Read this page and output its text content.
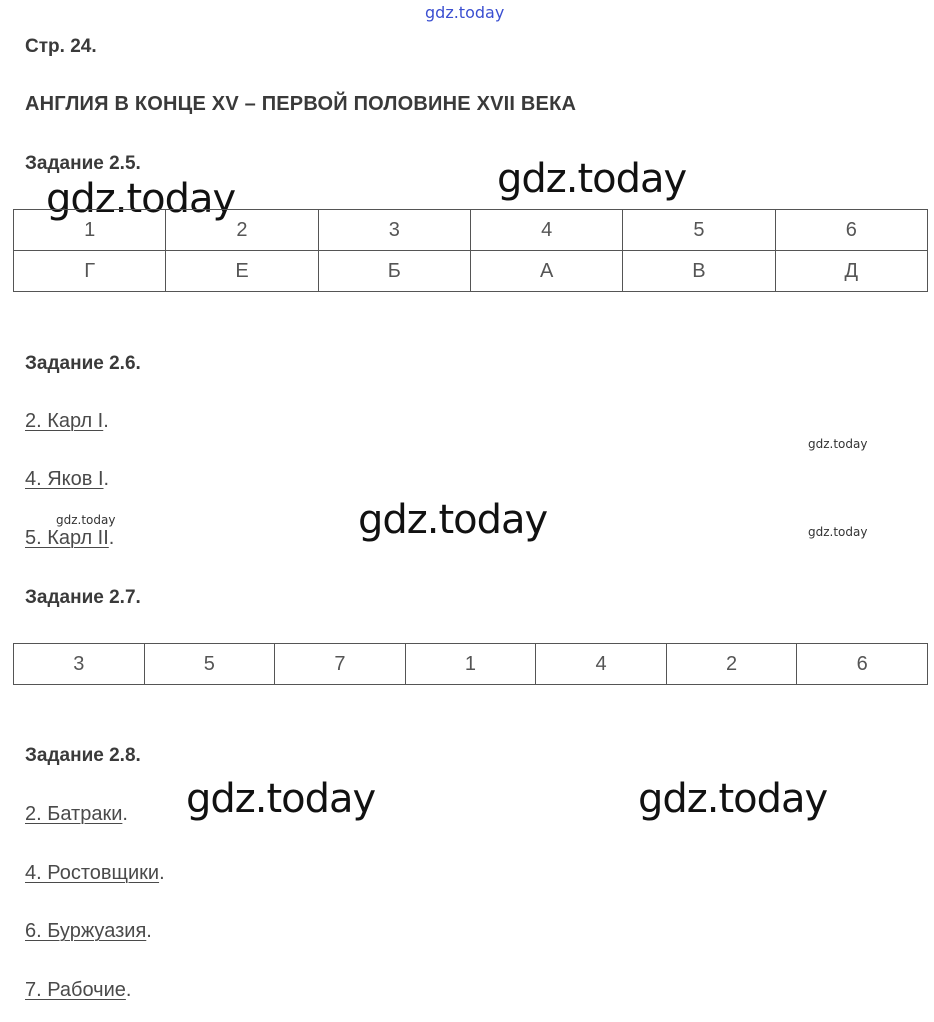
gdz.today
gdz.today	gdz.today
gdz.today
gdz.today	gdz.today	gdz.today
gdz.today	gdz.today
Стр. 24.
АНГЛИЯ В КОНЦЕ XV – ПЕРВОЙ ПОЛОВИНЕ XVII ВЕКА
Задание 2.5.
1	2	3	4	5	6
Г	Е	Б	А	В	Д
Задание 2.6.
2. Карл I.
4. Яков I.
5. Карл II.
Задание 2.7.
3	5	7	1	4	2	6
Задание 2.8.
2. Батраки.
4. Ростовщики.
6. Буржуазия.
7. Рабочие.
